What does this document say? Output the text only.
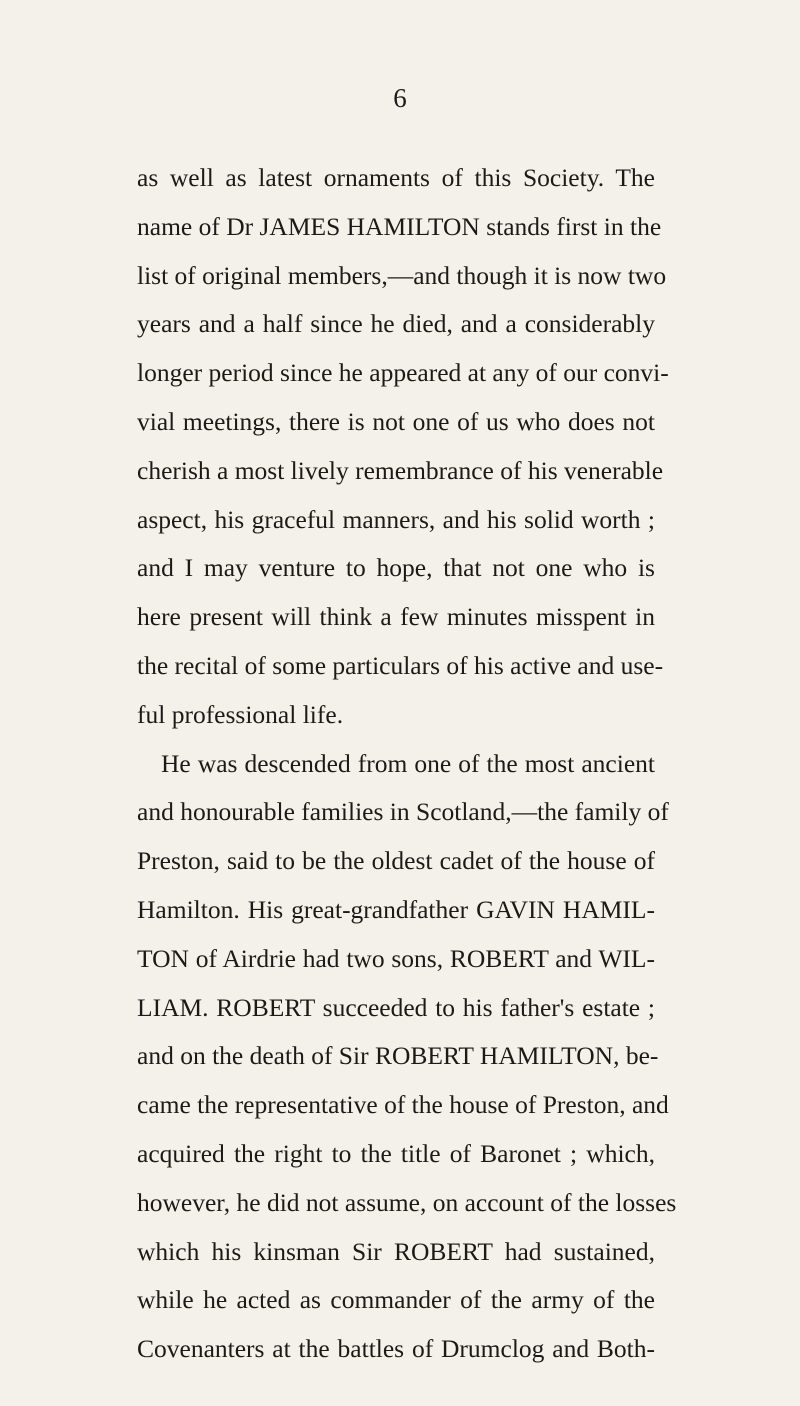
6
as well as latest ornaments of this Society. The
name of Dr JAMES HAMILTON stands first in the
list of original members,—and though it is now two
years and a half since he died, and a considerably
longer period since he appeared at any of our convi-
vial meetings, there is not one of us who does not
cherish a most lively remembrance of his venerable
aspect, his graceful manners, and his solid worth ;
and I may venture to hope, that not one who is
here present will think a few minutes misspent in
the recital of some particulars of his active and use-
ful professional life.
He was descended from one of the most ancient
and honourable families in Scotland,—the family of
Preston, said to be the oldest cadet of the house of
Hamilton. His great-grandfather GAVIN HAMIL-
TON of Airdrie had two sons, ROBERT and WIL-
LIAM. ROBERT succeeded to his father's estate ;
and on the death of Sir ROBERT HAMILTON, be-
came the representative of the house of Preston, and
acquired the right to the title of Baronet ; which,
however, he did not assume, on account of the losses
which his kinsman Sir ROBERT had sustained,
while he acted as commander of the army of the
Covenanters at the battles of Drumclog and Both-
